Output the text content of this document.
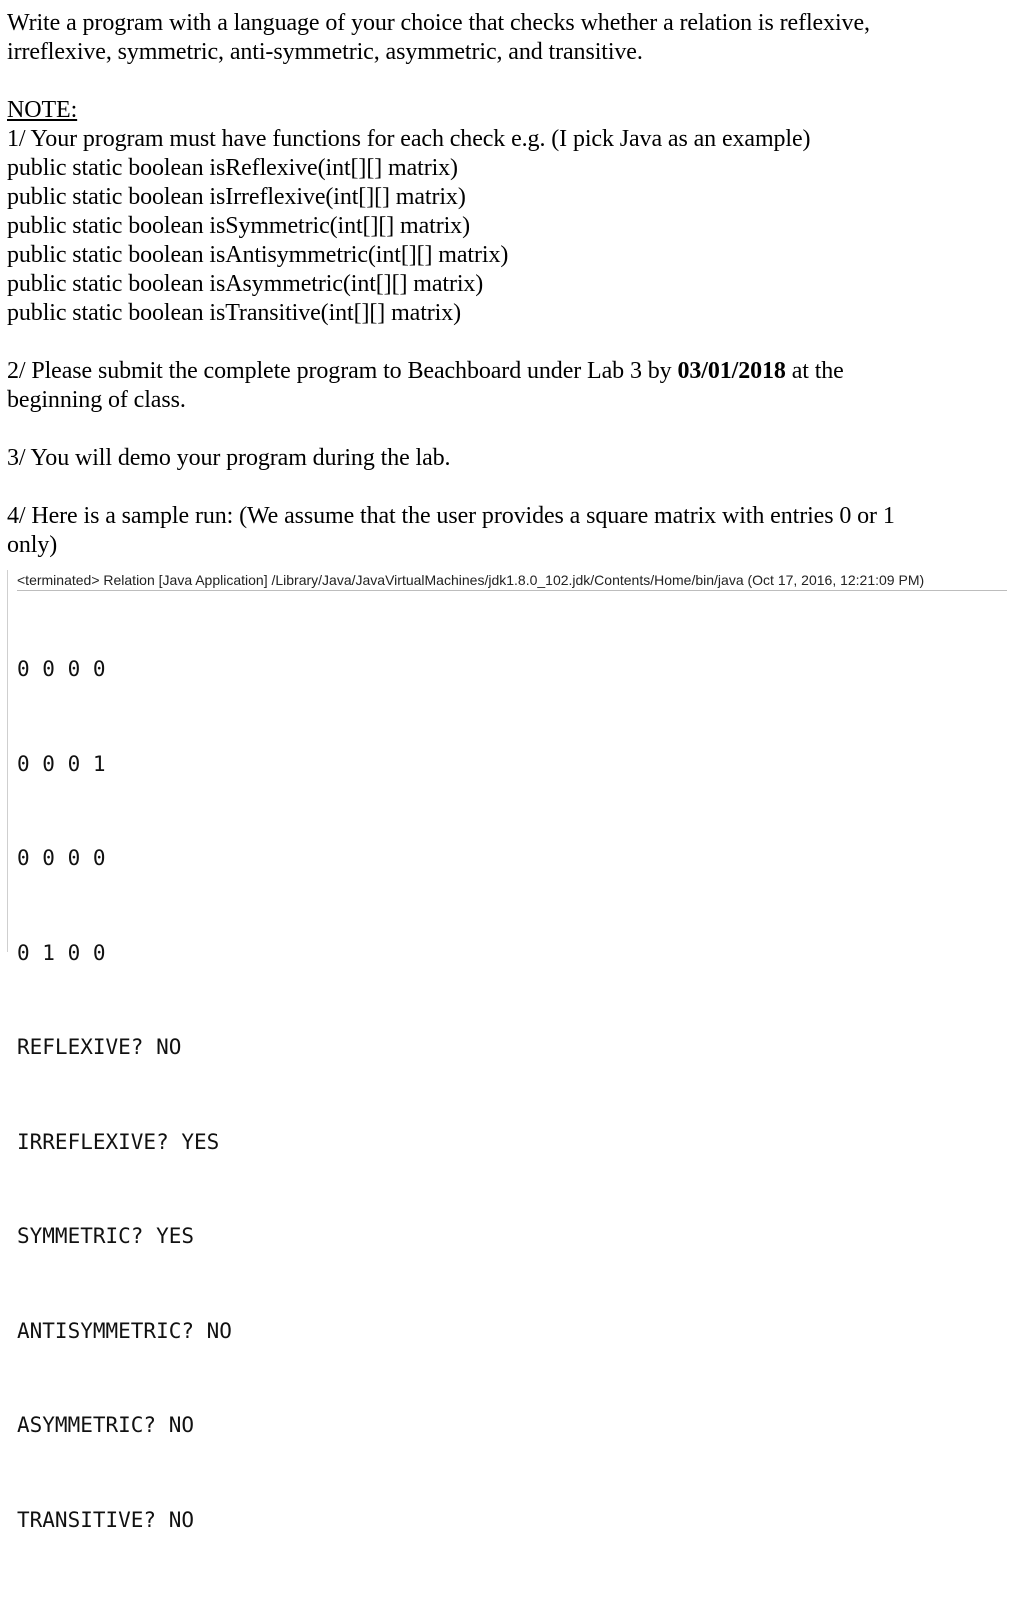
Write a program with a language of your choice that checks whether a relation is reflexive,

irreflexive, symmetric, anti-symmetric, asymmetric, and transitive.

NOTE:

1/ Your program must have functions for each check e.g. (I pick Java as an example)

public static boolean isReflexive(int[][] matrix)

public static boolean isIrreflexive(int[][] matrix)

public static boolean isSymmetric(int[][] matrix)

public static boolean isAntisymmetric(int[][] matrix)

public static boolean isAsymmetric(int[][] matrix)

public static boolean isTransitive(int[][] matrix)

2/ Please submit the complete program to Beachboard under Lab 3 by 03/01/2018 at the

beginning of class.

3/ You will demo your program during the lab.

4/ Here is a sample run: (We assume that the user provides a square matrix with entries 0 or 1

only)

<terminated> Relation [Java Application] /Library/Java/JavaVirtualMachines/jdk1.8.0_102.jdk/Contents/Home/bin/java (Oct 17, 2016, 12:21:09 PM)

0 0 0 0

0 0 0 1

0 0 0 0

0 1 0 0

REFLEXIVE? NO

IRREFLEXIVE? YES

SYMMETRIC? YES

ANTISYMMETRIC? NO

ASYMMETRIC? NO

TRANSITIVE? NO
